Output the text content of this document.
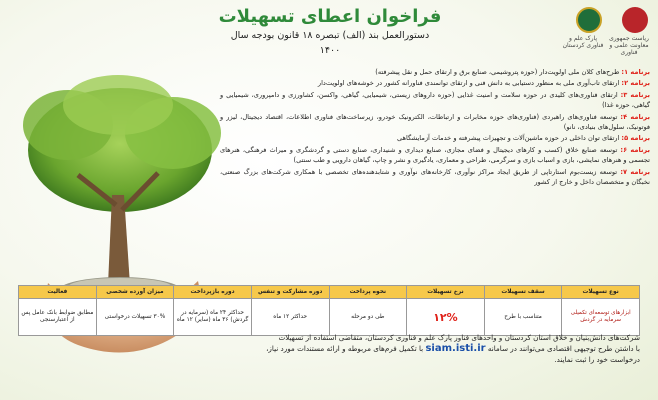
ریاست جمهوری معاونت علمی و فناوری
پارک علم و فناوری کردستان
فراخوان اعطای تسهیلات
دستورالعمل بند (الف) تبصره ۱۸ قانون بودجه سال
۱۴۰۰
برنامه ۱: طرح‌های کلان ملی اولویت‌دار (حوزه پتروشیمی، صنایع برق و ارتقای حمل و نقل پیشرفته)
برنامه ۲: ارتقای تاب‌آوری ملی به منظور دستیابی به دانش فنی و ارتقای توانمندی فناورانه کشور در خوشه‌های اولویت‌دار
برنامه ۳: ارتقای فناوری‌های کلیدی در حوزه سلامت و امنیت غذایی (حوزه داروهای زیستی، شیمیایی، گیاهی، واکسن، کشاورزی و دامپروری، شیمیایی و گیاهی، حوزه غذا)
برنامه ۴: توسعه فناوری‌های راهبردی (فناوری‌های حوزه مخابرات و ارتباطات، الکترونیک خودرو، زیرساخت‌های فناوری اطلاعات، اقتصاد دیجیتال، لیزر و فوتونیک، سلول‌های بنیادی، نانو)
برنامه ۵: ارتقای توان داخلی در حوزه ماشین‌آلات و تجهیزات پیشرفته و خدمات آزمایشگاهی
برنامه ۶: توسعه صنایع خلاق (کسب و کارهای دیجیتال و فضای مجازی، صنایع دیداری و شنیداری، صنایع دستی و گردشگری و میراث فرهنگی، هنرهای تجسمی و هنرهای نمایشی، بازی و اسباب بازی و سرگرمی، طراحی و معماری، یادگیری و نشر و چاپ، گیاهان دارویی و طب سنتی)
برنامه ۷: توسعه زیست‌بوم استارتاپی از طریق ایجاد مراکز نوآوری، کارخانه‌های نوآوری و شتابدهنده‌های تخصصی با همکاری شرکت‌های بزرگ صنعتی، نخبگان و متخصصان داخل و خارج از کشور
نوع تسهیلات	سقف تسهیلات	نرخ تسهیلات	نحوه پرداخت	دوره مشارکت و تنفس	دوره بازپرداخت	میزان آورده شخصی	فعالیت
ابزارهای توسعه‌ای تکمیلی سرمایه در گردش	متناسب با طرح	۱۲%	طی دو مرحله	حداکثر ۱۲ ماه	حداکثر ۲۴ ماه (سرمایه در گردش) ۳۶ ماه (سایر) ۱۲ ماه	۳۰% تسهیلات درخواستی	مطابق ضوابط بانک عامل پس از اعتبارسنجی
شرکت‌های دانش‌بنیان و خلاق استان کردستان و واحدهای فناور پارک علم و فناوری کردستان، متقاضی استفاده از تسهیلات
با داشتن طرح توجیهی اقتصادی می‌توانند در سامانه siam.isti.ir با تکمیل فرم‌های مربوطه و ارائه مستندات مورد نیاز،
درخواست خود را ثبت نمایند.
